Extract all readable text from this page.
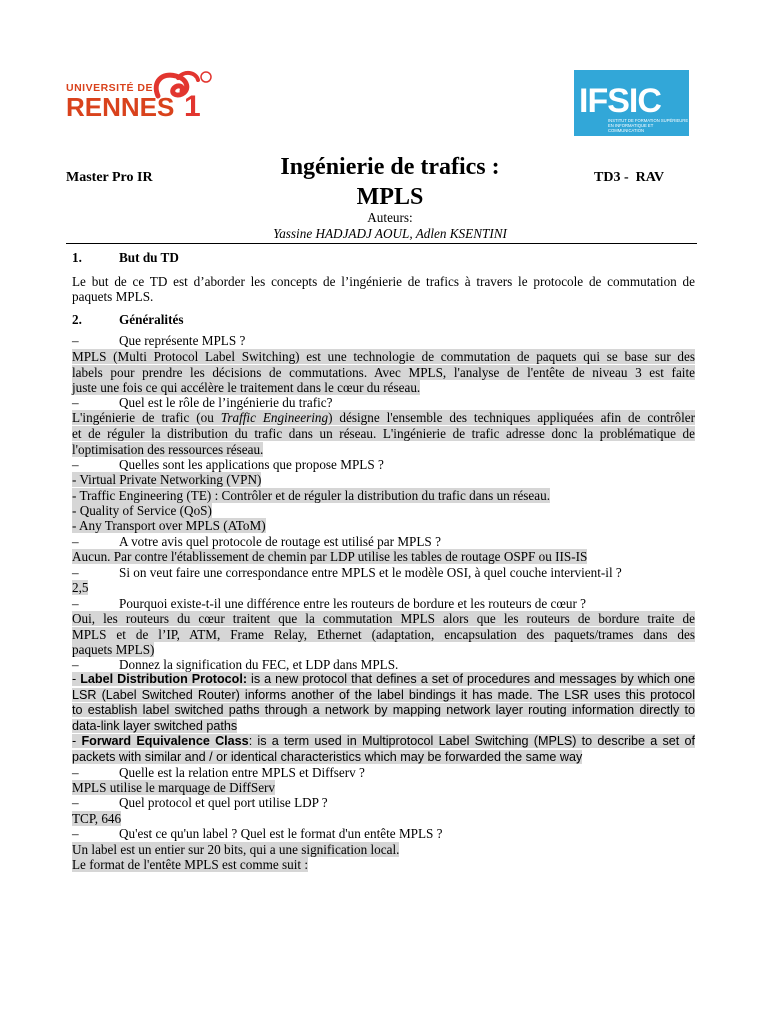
UNIVERSITÉ DE
RENNES 1	IFSIC
INSTITUT DE FORMATION SUPÉRIEURE
EN INFORMATIQUE ET COMMUNICATION
Master Pro IR	Ingénierie de trafics :
MPLS
TD3 -  RAV
Auteurs:
Yassine HADJADJ AOUL, Adlen KSENTINI
1.	But du TD
Le but de ce TD est d’aborder les concepts de l’ingénierie de trafics à travers le protocole de commutation de
paquets MPLS.
2.	Généralités
–	Que représente MPLS ?
MPLS (Multi Protocol Label Switching) est une technologie de commutation de paquets qui se base sur des
labels pour prendre les décisions de commutations. Avec MPLS, l'analyse de l'entête de niveau 3 est faite
juste une fois ce qui accélère le traitement dans le cœur du réseau.
–	Quel est le rôle de l’ingénierie du trafic?
L'ingénierie de trafic (ou Traffic Engineering) désigne l'ensemble des techniques appliquées afin de contrôler
et de réguler la distribution du trafic dans un réseau. L'ingénierie de trafic adresse donc la problématique de
l'optimisation des ressources réseau.
–	Quelles sont les applications que propose MPLS ?
- Virtual Private Networking (VPN)
- Traffic Engineering (TE) : Contrôler et de réguler la distribution du trafic dans un réseau.
- Quality of Service (QoS)
- Any Transport over MPLS (AToM)
–	A votre avis quel protocole de routage est utilisé par MPLS ?
Aucun. Par contre l'établissement de chemin par LDP utilise les tables de routage OSPF ou IIS-IS
–	Si on veut faire une correspondance entre MPLS et le modèle OSI, à quel couche intervient-il ?
2,5
–	Pourquoi existe-t-il une différence entre les routeurs de bordure et les routeurs de cœur ?
Oui, les routeurs du cœur traitent que la commutation MPLS alors que les routeurs de bordure traite de
MPLS et de l’IP, ATM, Frame Relay, Ethernet (adaptation, encapsulation des paquets/trames dans des
paquets MPLS)
–	Donnez la signification du FEC, et LDP dans MPLS.
- Label Distribution Protocol: is a new protocol that defines a set of procedures and messages by which one
LSR (Label Switched Router) informs another of the label bindings it has made. The LSR uses this protocol
to establish label switched paths through a network by mapping network layer routing information directly to
data-link layer switched paths
- Forward Equivalence Class: is a term used in Multiprotocol Label Switching (MPLS) to describe a set of
packets with similar and / or identical characteristics which may be forwarded the same way
–	Quelle est la relation entre MPLS et Diffserv ?
MPLS utilise le marquage de DiffServ
–	Quel protocol et quel port utilise LDP ?
TCP, 646
–	Qu'est ce qu'un label ? Quel est le format d'un entête MPLS ?
Un label est un entier sur 20 bits, qui a une signification local.
Le format de l'entête MPLS est comme suit :
